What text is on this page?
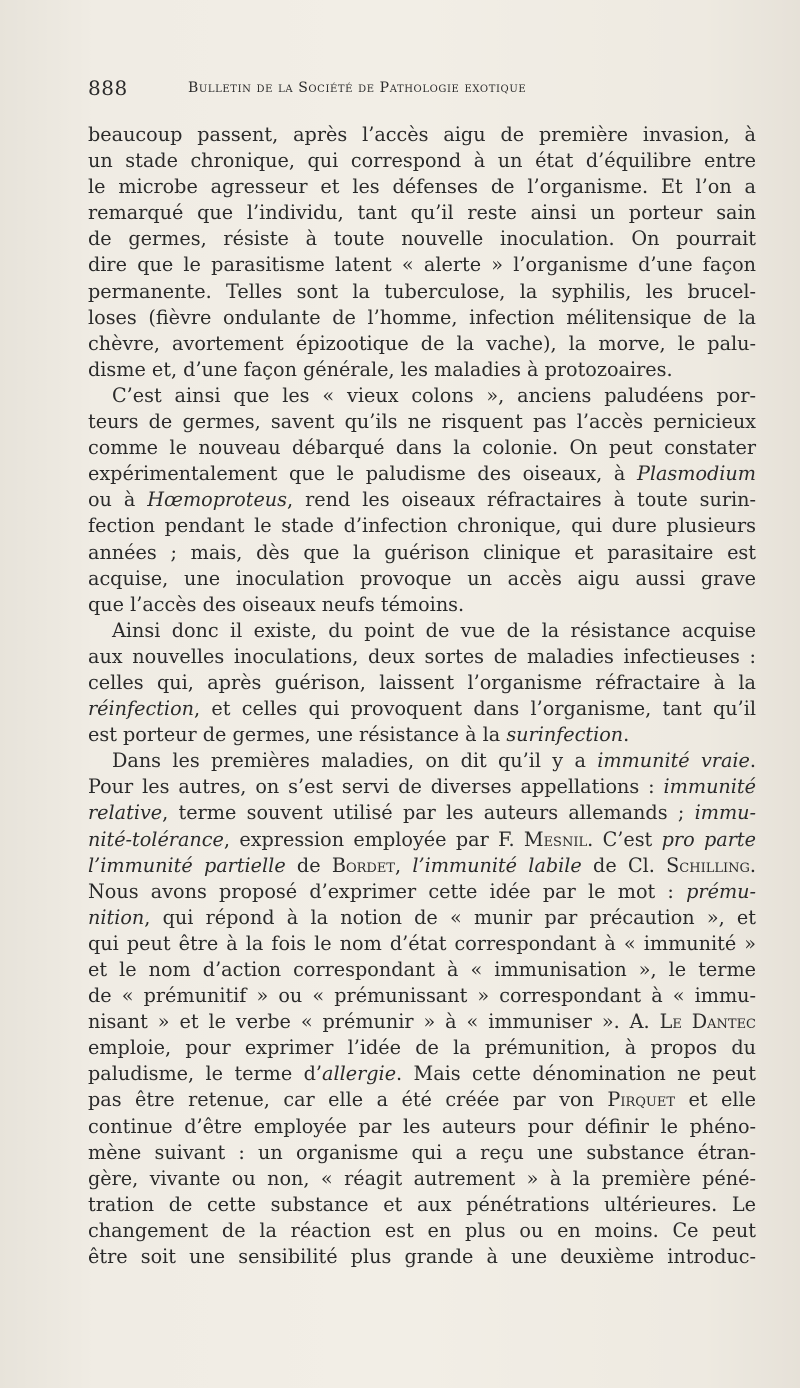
888	Bulletin de la Société de Pathologie exotique
beaucoup passent, après l’accès aigu de première invasion, à
un stade chronique, qui correspond à un état d’équilibre entre
le microbe agresseur et les défenses de l’organisme. Et l’on a
remarqué que l’individu, tant qu’il reste ainsi un porteur sain
de germes, résiste à toute nouvelle inoculation. On pourrait
dire que le parasitisme latent « alerte » l’organisme d’une façon
permanente. Telles sont la tuberculose, la syphilis, les brucel-
loses (fièvre ondulante de l’homme, infection mélitensique de la
chèvre, avortement épizootique de la vache), la morve, le palu-
disme et, d’une façon générale, les maladies à protozoaires.
C’est ainsi que les « vieux colons », anciens paludéens por-
teurs de germes, savent qu’ils ne risquent pas l’accès pernicieux
comme le nouveau débarqué dans la colonie. On peut constater
expérimentalement que le paludisme des oiseaux, à Plasmodium
ou à Hœmoproteus, rend les oiseaux réfractaires à toute surin-
fection pendant le stade d’infection chronique, qui dure plusieurs
années ; mais, dès que la guérison clinique et parasitaire est
acquise, une inoculation provoque un accès aigu aussi grave
que l’accès des oiseaux neufs témoins.
Ainsi donc il existe, du point de vue de la résistance acquise
aux nouvelles inoculations, deux sortes de maladies infectieuses :
celles qui, après guérison, laissent l’organisme réfractaire à la
réinfection, et celles qui provoquent dans l’organisme, tant qu’il
est porteur de germes, une résistance à la surinfection.
Dans les premières maladies, on dit qu’il y a immunité vraie.
Pour les autres, on s’est servi de diverses appellations : immunité
relative, terme souvent utilisé par les auteurs allemands ; immu-
nité-tolérance, expression employée par F. Mesnil. C’est pro parte
l’immunité partielle de Bordet, l’immunité labile de Cl. Schilling.
Nous avons proposé d’exprimer cette idée par le mot : prému-
nition, qui répond à la notion de « munir par précaution », et
qui peut être à la fois le nom d’état correspondant à « immunité »
et le nom d’action correspondant à « immunisation », le terme
de « prémunitif » ou « prémunissant » correspondant à « immu-
nisant » et le verbe « prémunir » à « immuniser ». A. Le Dantec
emploie, pour exprimer l’idée de la prémunition, à propos du
paludisme, le terme d’allergie. Mais cette dénomination ne peut
pas être retenue, car elle a été créée par von Pirquet et elle
continue d’être employée par les auteurs pour définir le phéno-
mène suivant : un organisme qui a reçu une substance étran-
gère, vivante ou non, « réagit autrement » à la première péné-
tration de cette substance et aux pénétrations ultérieures. Le
changement de la réaction est en plus ou en moins. Ce peut
être soit une sensibilité plus grande à une deuxième introduc-
